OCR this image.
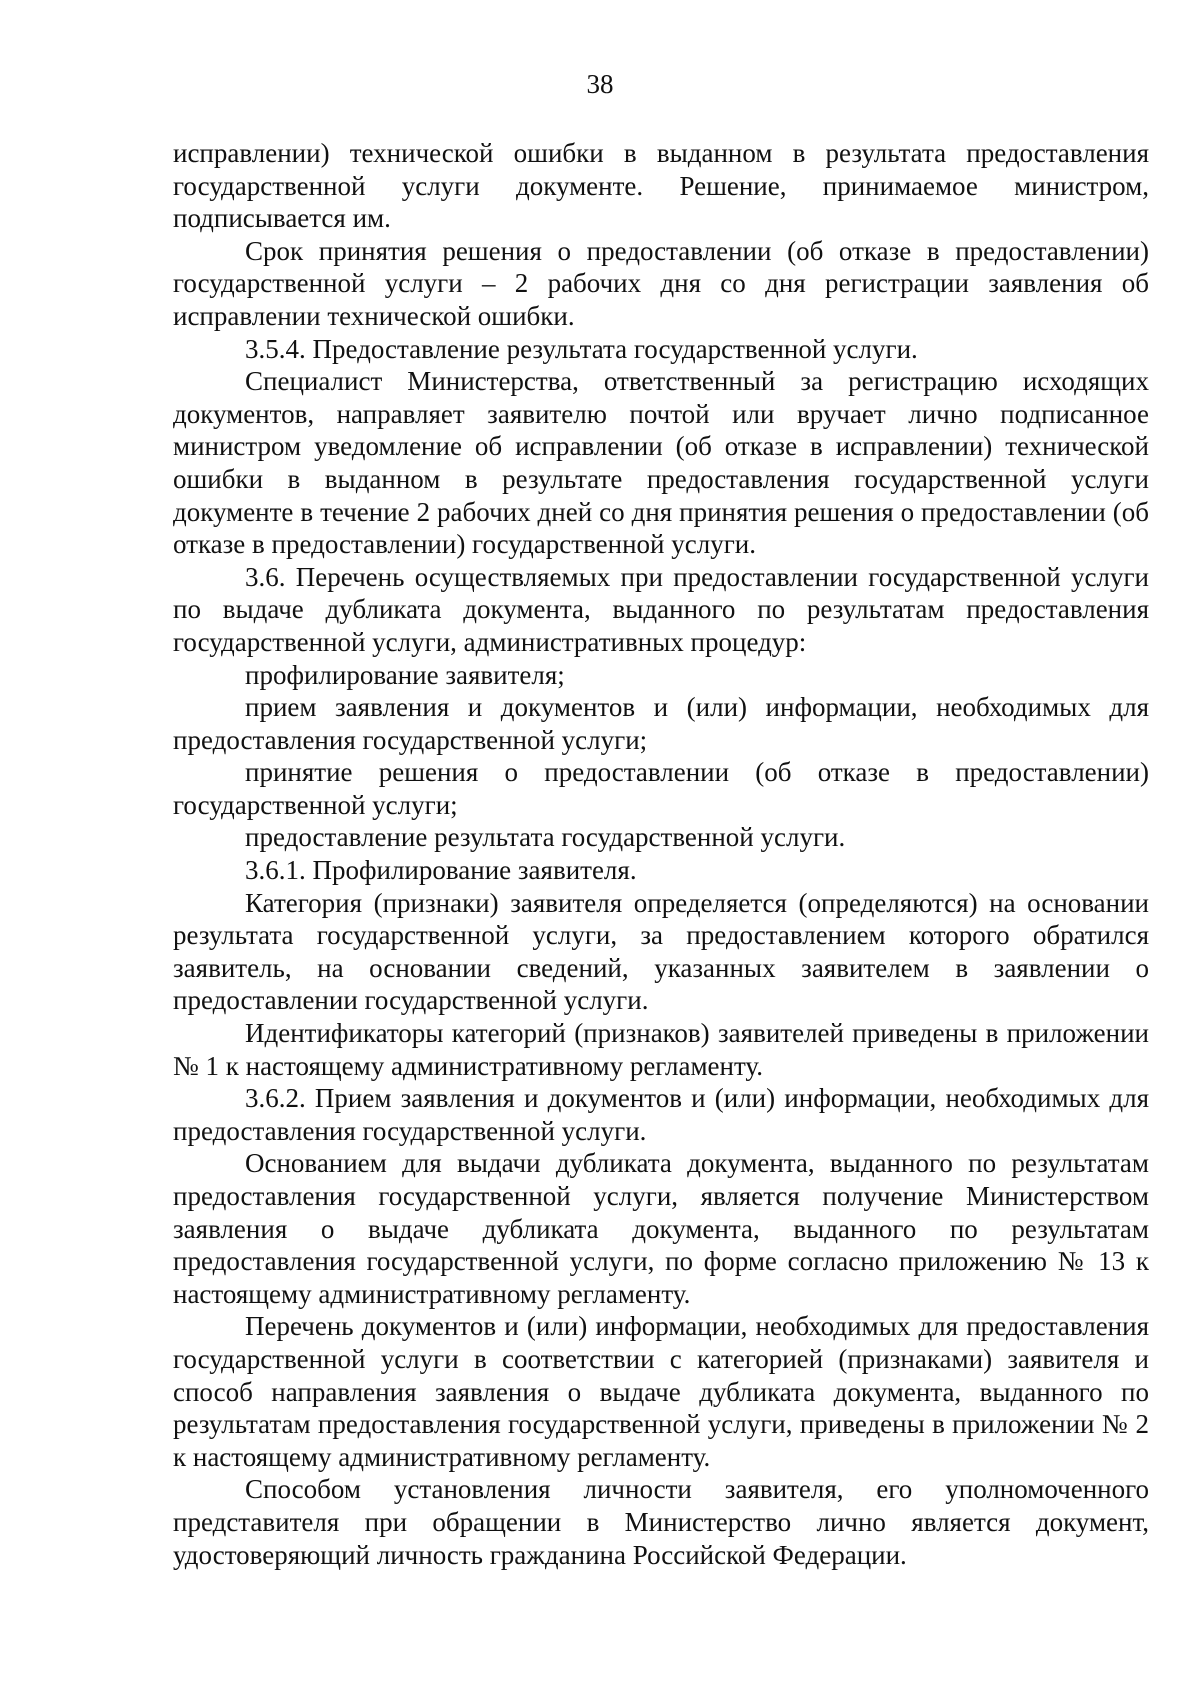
38

исправлении) технической ошибки в выданном в результата предоставления государственной услуги документе. Решение, принимаемое министром, подписывается им.

Срок принятия решения о предоставлении (об отказе в предоставлении) государственной услуги – 2 рабочих дня со дня регистрации заявления об исправлении технической ошибки.

3.5.4. Предоставление результата государственной услуги.

Специалист Министерства, ответственный за регистрацию исходящих документов, направляет заявителю почтой или вручает лично подписанное министром уведомление об исправлении (об отказе в исправлении) технической ошибки в выданном в результате предоставления государственной услуги документе в течение 2 рабочих дней со дня принятия решения о предоставлении (об отказе в предоставлении) государственной услуги.

3.6. Перечень осуществляемых при предоставлении государственной услуги по выдаче дубликата документа, выданного по результатам предоставления государственной услуги, административных процедур:

профилирование заявителя;

прием заявления и документов и (или) информации, необходимых для предоставления государственной услуги;

принятие решения о предоставлении (об отказе в предоставлении) государственной услуги;

предоставление результата государственной услуги.

3.6.1. Профилирование заявителя.

Категория (признаки) заявителя определяется (определяются) на основании результата государственной услуги, за предоставлением которого обратился заявитель, на основании сведений, указанных заявителем в заявлении о предоставлении государственной услуги.

Идентификаторы категорий (признаков) заявителей приведены в приложении № 1 к настоящему административному регламенту.

3.6.2. Прием заявления и документов и (или) информации, необходимых для предоставления государственной услуги.

Основанием для выдачи дубликата документа, выданного по результатам предоставления государственной услуги, является получение Министерством заявления о выдаче дубликата документа, выданного по результатам предоставления государственной услуги, по форме согласно приложению № 13 к настоящему административному регламенту.

Перечень документов и (или) информации, необходимых для предоставления государственной услуги в соответствии с категорией (признаками) заявителя и способ направления заявления о выдаче дубликата документа, выданного по результатам предоставления государственной услуги, приведены в приложении № 2 к настоящему административному регламенту.

Способом установления личности заявителя, его уполномоченного представителя при обращении в Министерство лично является документ, удостоверяющий личность гражданина Российской Федерации.
